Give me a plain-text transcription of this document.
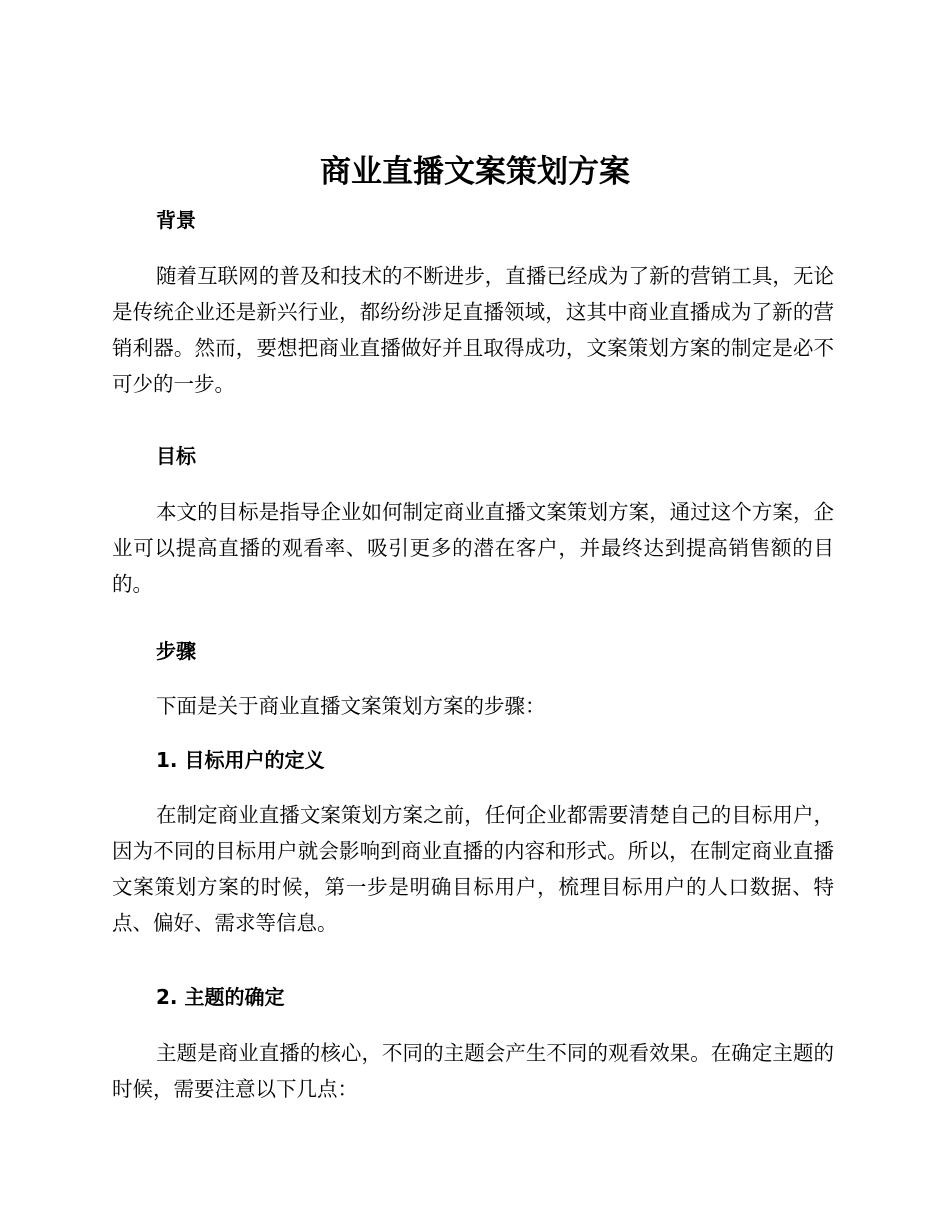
商业直播文案策划方案
背景

随着互联网的普及和技术的不断进步，直播已经成为了新的营销工具，无论是传统企业还是新兴行业，都纷纷涉足直播领域，这其中商业直播成为了新的营销利器。然而，要想把商业直播做好并且取得成功，文案策划方案的制定是必不可少的一步。

目标

本文的目标是指导企业如何制定商业直播文案策划方案，通过这个方案，企业可以提高直播的观看率、吸引更多的潜在客户，并最终达到提高销售额的目的。

步骤

下面是关于商业直播文案策划方案的步骤：

1. 目标用户的定义

在制定商业直播文案策划方案之前，任何企业都需要清楚自己的目标用户，因为不同的目标用户就会影响到商业直播的内容和形式。所以，在制定商业直播文案策划方案的时候，第一步是明确目标用户，梳理目标用户的人口数据、特点、偏好、需求等信息。

2. 主题的确定

主题是商业直播的核心，不同的主题会产生不同的观看效果。在确定主题的时候，需要注意以下几点：
